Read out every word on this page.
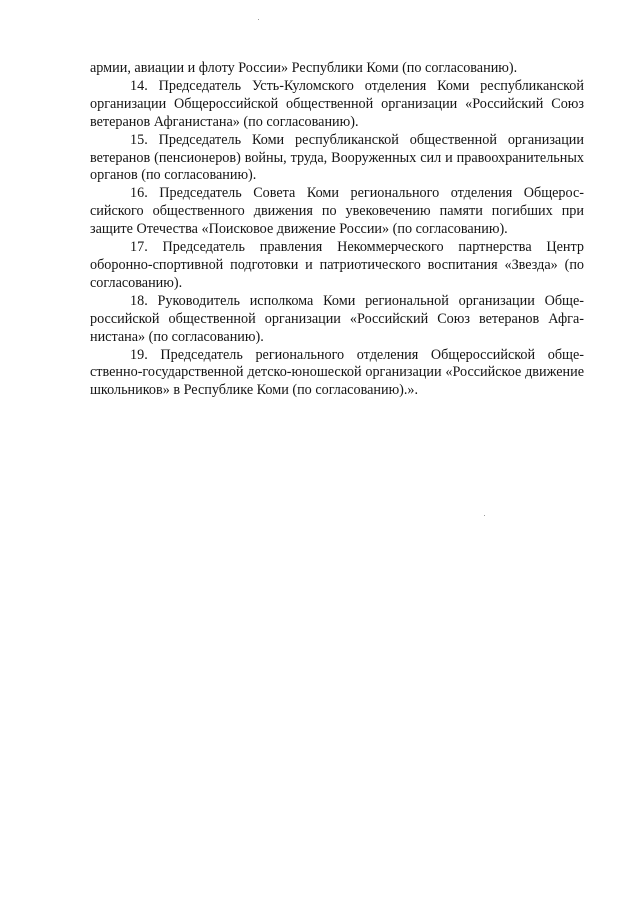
армии, авиации и флоту России» Республики Коми (по согласованию).

14. Председатель Усть-Куломского отделения Коми республиканской организации Общероссийской общественной организации «Российский Союз ветеранов Афганистана» (по согласованию).

15. Председатель Коми республиканской общественной организации ветеранов (пенсионеров) войны, труда, Вооруженных сил и правоохранительных органов (по согласованию).

16. Председатель Совета Коми регионального отделения Общероссийского общественного движения по увековечению памяти погибших при защите Отечества «Поисковое движение России» (по согласованию).

17. Председатель правления Некоммерческого партнерства Центр оборонно-спортивной подготовки и патриотического воспитания «Звезда» (по согласованию).

18. Руководитель исполкома Коми региональной организации Общероссийской общественной организации «Российский Союз ветеранов Афганистана» (по согласованию).

19. Председатель регионального отделения Общероссийской общественно-государственной детско-юношеской организации «Российское движение школьников» в Республике Коми (по согласованию).».
